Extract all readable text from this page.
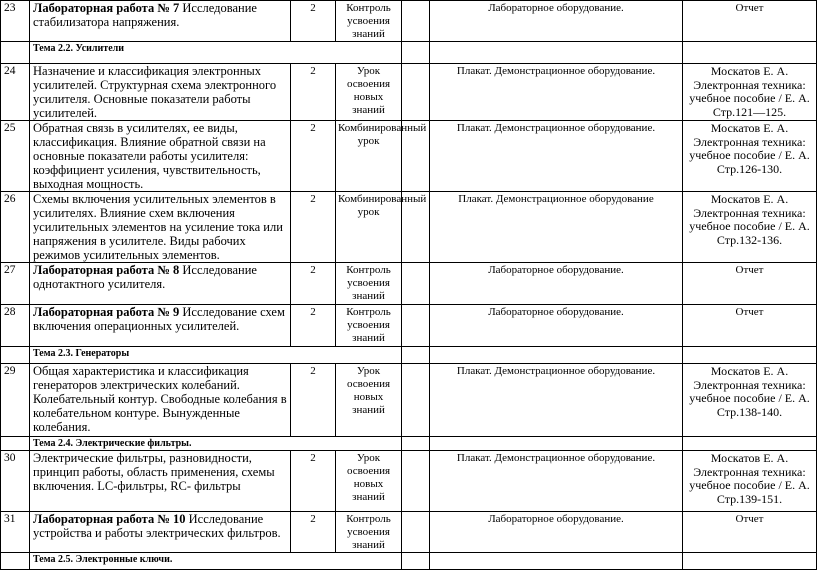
23	Лабораторная работа № 7 Исследование стабилизатора напряжения.	2	Контроль усвоения знаний		Лабораторное оборудование.	Отчет
	Тема 2.2. Усилители					
24	Назначение и классификация электронных усилителей. Структурная схема электронного усилителя. Основные показатели работы усилителей.	2	Урок освоения новых знаний		Плакат. Демонстрационное оборудование.	Москатов Е. А. Электронная техника: учебное пособие / Е. А. Стр.121—125.
25	Обратная связь в усилителях, ее виды, классификация. Влияние обратной связи на основные показатели работы усилителя: коэффициент усиления, чувствительность, выходная мощность.	2	Комбинированный урок		Плакат. Демонстрационное оборудование.	Москатов Е. А. Электронная техника: учебное пособие / Е. А. Стр.126-130.
26	Схемы включения усилительных элементов в усилителях. Влияние схем включения усилительных элементов на усиление тока или напряжения в усилителе. Виды рабочих режимов усилительных элементов.	2	Комбинированный урок		Плакат. Демонстрационное оборудование	Москатов Е. А. Электронная техника: учебное пособие / Е. А. Стр.132-136.
27	Лабораторная работа № 8 Исследование однотактного усилителя.	2	Контроль усвоения знаний		Лабораторное оборудование.	Отчет
28	Лабораторная работа № 9 Исследование схем включения операционных усилителей.	2	Контроль усвоения знаний		Лабораторное оборудование.	Отчет
	Тема 2.3. Генераторы					
29	Общая характеристика и классификация генераторов электрических колебаний. Колебательный контур. Свободные колебания в колебательном контуре. Вынужденные колебания.	2	Урок освоения новых знаний		Плакат. Демонстрационное оборудование.	Москатов Е. А. Электронная техника: учебное пособие / Е. А. Стр.138-140.
	Тема 2.4. Электрические фильтры.					
30	Электрические фильтры, разновидности, принцип работы, область применения, схемы включения. LC-фильтры, RC- фильтры	2	Урок освоения новых знаний		Плакат. Демонстрационное оборудование.	Москатов Е. А. Электронная техника: учебное пособие / Е. А. Стр.139-151.
31	Лабораторная работа № 10 Исследование устройства и работы электрических фильтров.	2	Контроль усвоения знаний		Лабораторное оборудование.	Отчет
	Тема 2.5. Электронные ключи.					
